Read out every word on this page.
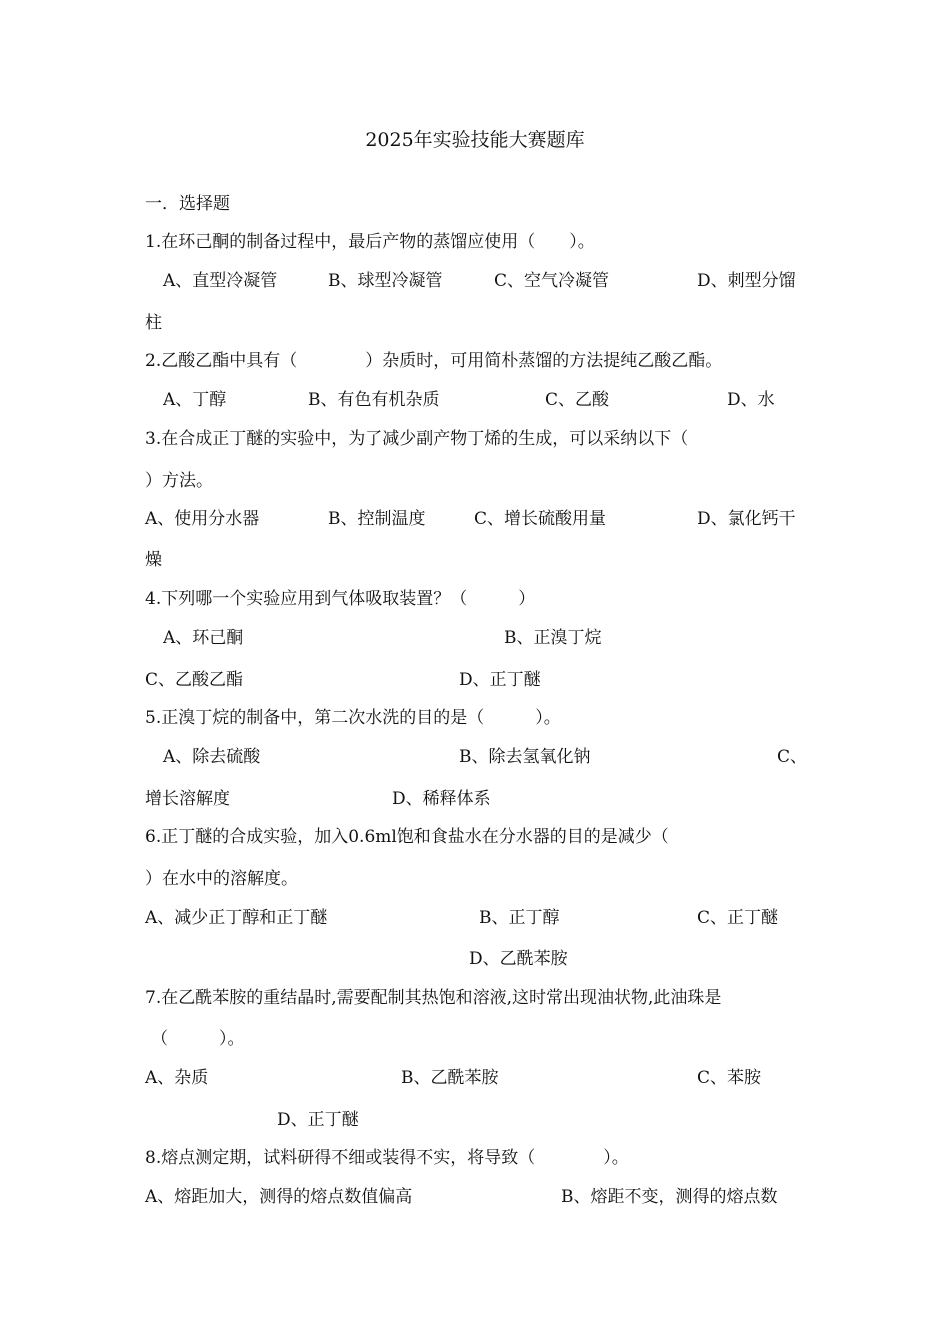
2025年实验技能大赛题库
一．选择题
1.在环己酮的制备过程中，最后产物的蒸馏应使用（　　）。
A、直型冷凝管	B、球型冷凝管	C、空气冷凝管	D、刺型分馏
柱
2.乙酸乙酯中具有（　　　　）杂质时，可用简朴蒸馏的方法提纯乙酸乙酯。
A、丁醇	B、有色有机杂质	C、乙酸	D、水
3.在合成正丁醚的实验中，为了减少副产物丁烯的生成，可以采纳以下（
）方法。
A、使用分水器	B、控制温度	C、增长硫酸用量	D、氯化钙干
燥
4.下列哪一个实验应用到气体吸取装置？（　　　）
A、环己酮	B、正溴丁烷
C、乙酸乙酯	D、正丁醚
5.正溴丁烷的制备中，第二次水洗的目的是（　　　）。
A、除去硫酸	B、除去氢氧化钠	C、
增长溶解度	D、稀释体系
6.正丁醚的合成实验，加入0.6ml饱和食盐水在分水器的目的是减少（
）在水中的溶解度。
A、减少正丁醇和正丁醚	B、正丁醇	C、正丁醚
D、乙酰苯胺
7.在乙酰苯胺的重结晶时,需要配制其热饱和溶液,这时常出现油状物,此油珠是
（　　　）。
A、杂质	B、乙酰苯胺	C、苯胺
D、正丁醚
8.熔点测定期，试料研得不细或装得不实，将导致（　　　　）。
A、熔距加大，测得的熔点数值偏高	B、熔距不变，测得的熔点数
